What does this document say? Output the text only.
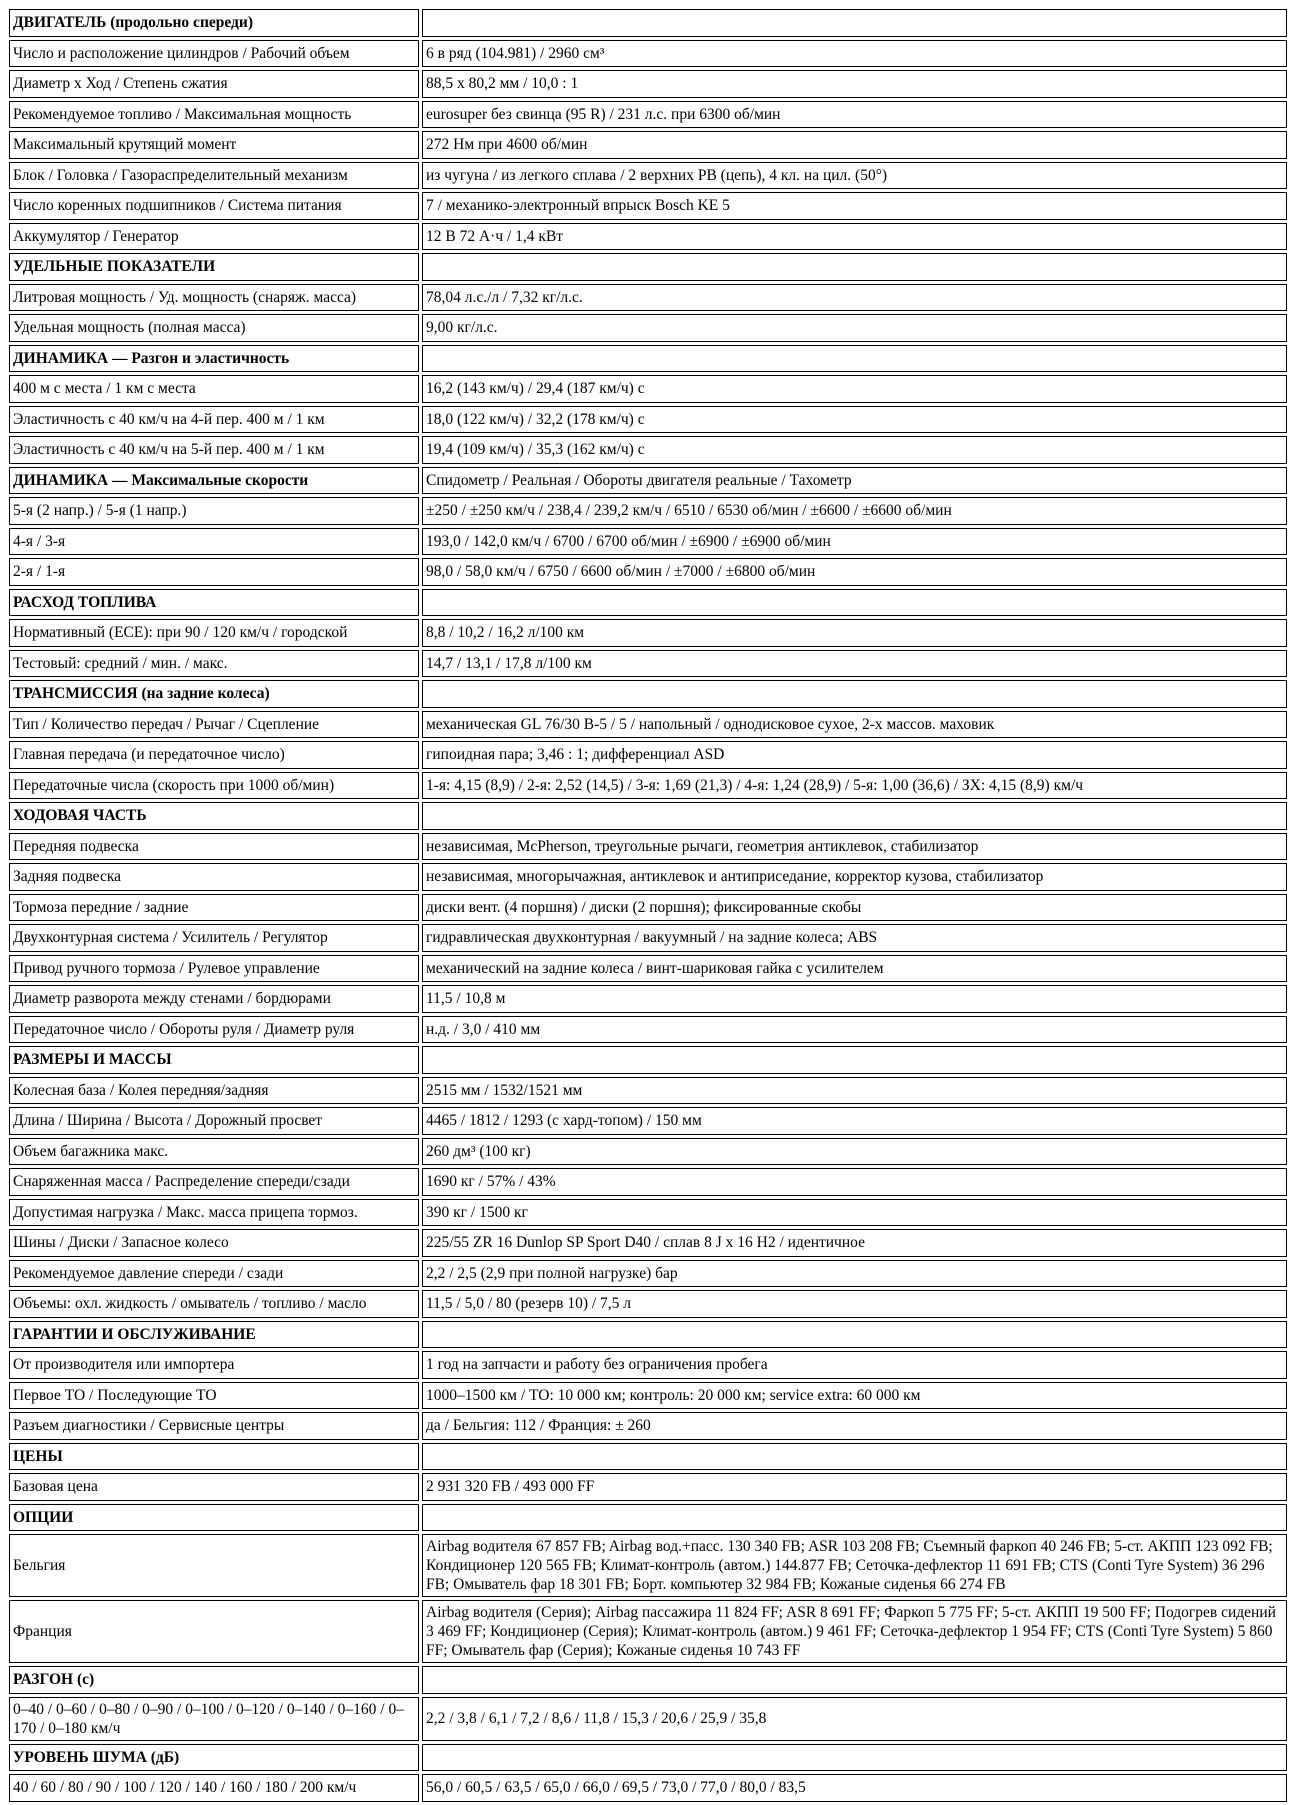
ДВИГАТЕЛЬ (продольно спереди)	
Число и расположение цилиндров / Рабочий объем	6 в ряд (104.981) / 2960 см³
Диаметр х Ход / Степень сжатия	88,5 х 80,2 мм / 10,0 : 1
Рекомендуемое топливо / Максимальная мощность	eurosuper без свинца (95 R) / 231 л.с. при 6300 об/мин
Максимальный крутящий момент	272 Нм при 4600 об/мин
Блок / Головка / Газораспределительный механизм	из чугуна / из легкого сплава / 2 верхних РВ (цепь), 4 кл. на цил. (50°)
Число коренных подшипников / Система питания	7 / механико-электронный впрыск Bosch KE 5
Аккумулятор / Генератор	12 В 72 А·ч / 1,4 кВт
УДЕЛЬНЫЕ ПОКАЗАТЕЛИ	
Литровая мощность / Уд. мощность (снаряж. масса)	78,04 л.с./л / 7,32 кг/л.с.
Удельная мощность (полная масса)	9,00 кг/л.с.
ДИНАМИКА — Разгон и эластичность	
400 м с места / 1 км с места	16,2 (143 км/ч) / 29,4 (187 км/ч) с
Эластичность с 40 км/ч на 4-й пер. 400 м / 1 км	18,0 (122 км/ч) / 32,2 (178 км/ч) с
Эластичность с 40 км/ч на 5-й пер. 400 м / 1 км	19,4 (109 км/ч) / 35,3 (162 км/ч) с
ДИНАМИКА — Максимальные скорости	Спидометр / Реальная / Обороты двигателя реальные / Тахометр
5-я (2 напр.) / 5-я (1 напр.)	±250 / ±250 км/ч / 238,4 / 239,2 км/ч / 6510 / 6530 об/мин / ±6600 / ±6600 об/мин
4-я / 3-я	193,0 / 142,0 км/ч / 6700 / 6700 об/мин / ±6900 / ±6900 об/мин
2-я / 1-я	98,0 / 58,0 км/ч / 6750 / 6600 об/мин / ±7000 / ±6800 об/мин
РАСХОД ТОПЛИВА	
Нормативный (ЕСЕ): при 90 / 120 км/ч / городской	8,8 / 10,2 / 16,2 л/100 км
Тестовый: средний / мин. / макс.	14,7 / 13,1 / 17,8 л/100 км
ТРАНСМИССИЯ (на задние колеса)	
Тип / Количество передач / Рычаг / Сцепление	механическая GL 76/30 B-5 / 5 / напольный / однодисковое сухое, 2-х массов. маховик
Главная передача (и передаточное число)	гипоидная пара; 3,46 : 1; дифференциал ASD
Передаточные числа (скорость при 1000 об/мин)	1-я: 4,15 (8,9) / 2-я: 2,52 (14,5) / 3-я: 1,69 (21,3) / 4-я: 1,24 (28,9) / 5-я: 1,00 (36,6) / ЗХ: 4,15 (8,9) км/ч
ХОДОВАЯ ЧАСТЬ	
Передняя подвеска	независимая, McPherson, треугольные рычаги, геометрия антиклевок, стабилизатор
Задняя подвеска	независимая, многорычажная, антиклевок и антиприседание, корректор кузова, стабилизатор
Тормоза передние / задние	диски вент. (4 поршня) / диски (2 поршня); фиксированные скобы
Двухконтурная система / Усилитель / Регулятор	гидравлическая двухконтурная / вакуумный / на задние колеса; ABS
Привод ручного тормоза / Рулевое управление	механический на задние колеса / винт-шариковая гайка с усилителем
Диаметр разворота между стенами / бордюрами	11,5 / 10,8 м
Передаточное число / Обороты руля / Диаметр руля	н.д. / 3,0 / 410 мм
РАЗМЕРЫ И МАССЫ	
Колесная база / Колея передняя/задняя	2515 мм / 1532/1521 мм
Длина / Ширина / Высота / Дорожный просвет	4465 / 1812 / 1293 (с хард-топом) / 150 мм
Объем багажника макс.	260 дм³ (100 кг)
Снаряженная масса / Распределение спереди/сзади	1690 кг / 57% / 43%
Допустимая нагрузка / Макс. масса прицепа тормоз.	390 кг / 1500 кг
Шины / Диски / Запасное колесо	225/55 ZR 16 Dunlop SP Sport D40 / сплав 8 J x 16 H2 / идентичное
Рекомендуемое давление спереди / сзади	2,2 / 2,5 (2,9 при полной нагрузке) бар
Объемы: охл. жидкость / омыватель / топливо / масло	11,5 / 5,0 / 80 (резерв 10) / 7,5 л
ГАРАНТИИ И ОБСЛУЖИВАНИЕ	
От производителя или импортера	1 год на запчасти и работу без ограничения пробега
Первое ТО / Последующие ТО	1000–1500 км / ТО: 10 000 км; контроль: 20 000 км; service extra: 60 000 км
Разъем диагностики / Сервисные центры	да / Бельгия: 112 / Франция: ± 260
ЦЕНЫ	
Базовая цена	2 931 320 FB / 493 000 FF
ОПЦИИ	
Бельгия	Airbag водителя 67 857 FB; Airbag вод.+пасс. 130 340 FB; ASR 103 208 FB; Съемный фаркоп 40 246 FB; 5-ст. АКПП 123 092 FB; Кондиционер 120 565 FB; Климат-контроль (автом.) 144.877 FB; Сеточка-дефлектор 11 691 FB; CTS (Conti Tyre System) 36 296 FB; Омыватель фар 18 301 FB; Борт. компьютер 32 984 FB; Кожаные сиденья 66 274 FB
Франция	Airbag водителя (Серия); Airbag пассажира 11 824 FF; ASR 8 691 FF; Фаркоп 5 775 FF; 5-ст. АКПП 19 500 FF; Подогрев сидений 3 469 FF; Кондиционер (Серия); Климат-контроль (автом.) 9 461 FF; Сеточка-дефлектор 1 954 FF; CTS (Conti Tyre System) 5 860 FF; Омыватель фар (Серия); Кожаные сиденья 10 743 FF
РАЗГОН (с)	
0–40 / 0–60 / 0–80 / 0–90 / 0–100 / 0–120 / 0–140 / 0–160 / 0–170 / 0–180 км/ч	2,2 / 3,8 / 6,1 / 7,2 / 8,6 / 11,8 / 15,3 / 20,6 / 25,9 / 35,8
УРОВЕНЬ ШУМА (дБ)	
40 / 60 / 80 / 90 / 100 / 120 / 140 / 160 / 180 / 200 км/ч	56,0 / 60,5 / 63,5 / 65,0 / 66,0 / 69,5 / 73,0 / 77,0 / 80,0 / 83,5
